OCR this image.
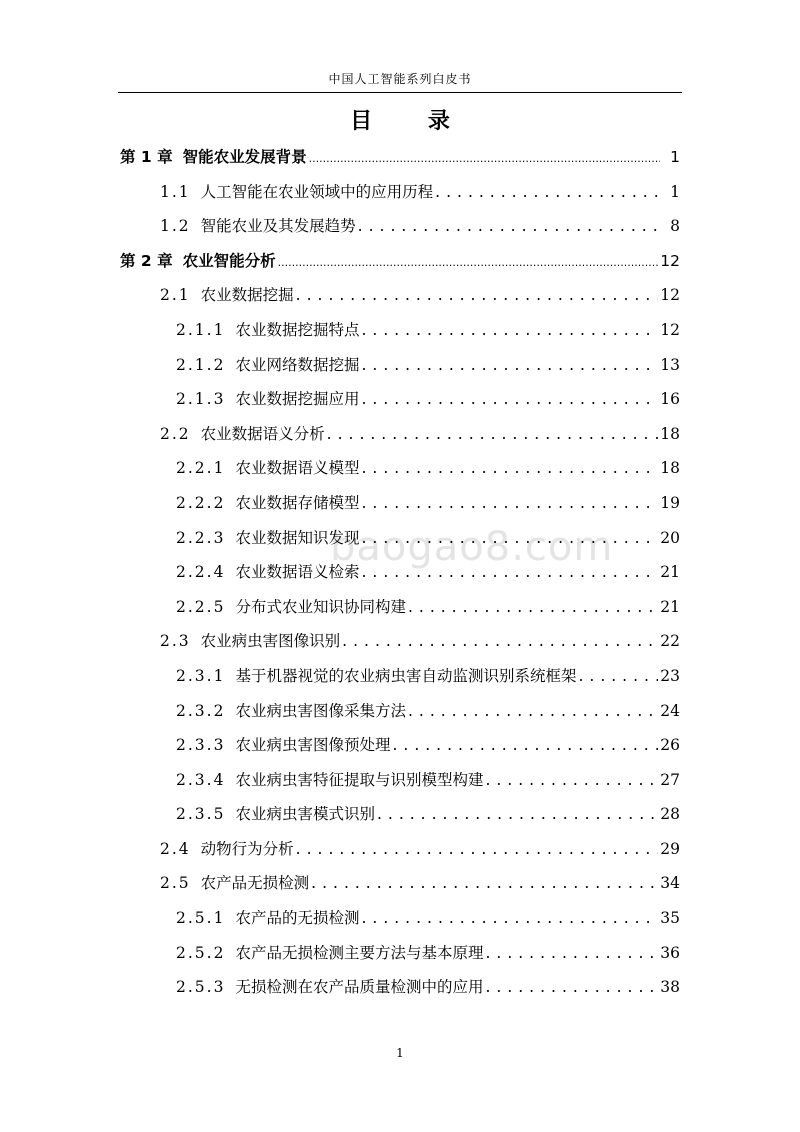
中国人工智能系列白皮书
目 录
baogao8.com
第 1 章 智能农业发展背景 .....	1
1.1 人工智能在农业领域中的应用历程 .....	1
1.2 智能农业及其发展趋势 .....	8
第 2 章 农业智能分析 .....	12
2.1 农业数据挖掘 .....	12
2.1.1 农业数据挖掘特点 .....	12
2.1.2 农业网络数据挖掘 .....	13
2.1.3 农业数据挖掘应用 .....	16
2.2 农业数据语义分析 .....	18
2.2.1 农业数据语义模型 .....	18
2.2.2 农业数据存储模型 .....	19
2.2.3 农业数据知识发现 .....	20
2.2.4 农业数据语义检索 .....	21
2.2.5 分布式农业知识协同构建 .....	21
2.3 农业病虫害图像识别 .....	22
2.3.1 基于机器视觉的农业病虫害自动监测识别系统框架 .....	23
2.3.2 农业病虫害图像采集方法 .....	24
2.3.3 农业病虫害图像预处理 .....	26
2.3.4 农业病虫害特征提取与识别模型构建 .....	27
2.3.5 农业病虫害模式识别 .....	28
2.4 动物行为分析 .....	29
2.5 农产品无损检测 .....	34
2.5.1 农产品的无损检测 .....	35
2.5.2 农产品无损检测主要方法与基本原理 .....	36
2.5.3 无损检测在农产品质量检测中的应用 .....	38
1
